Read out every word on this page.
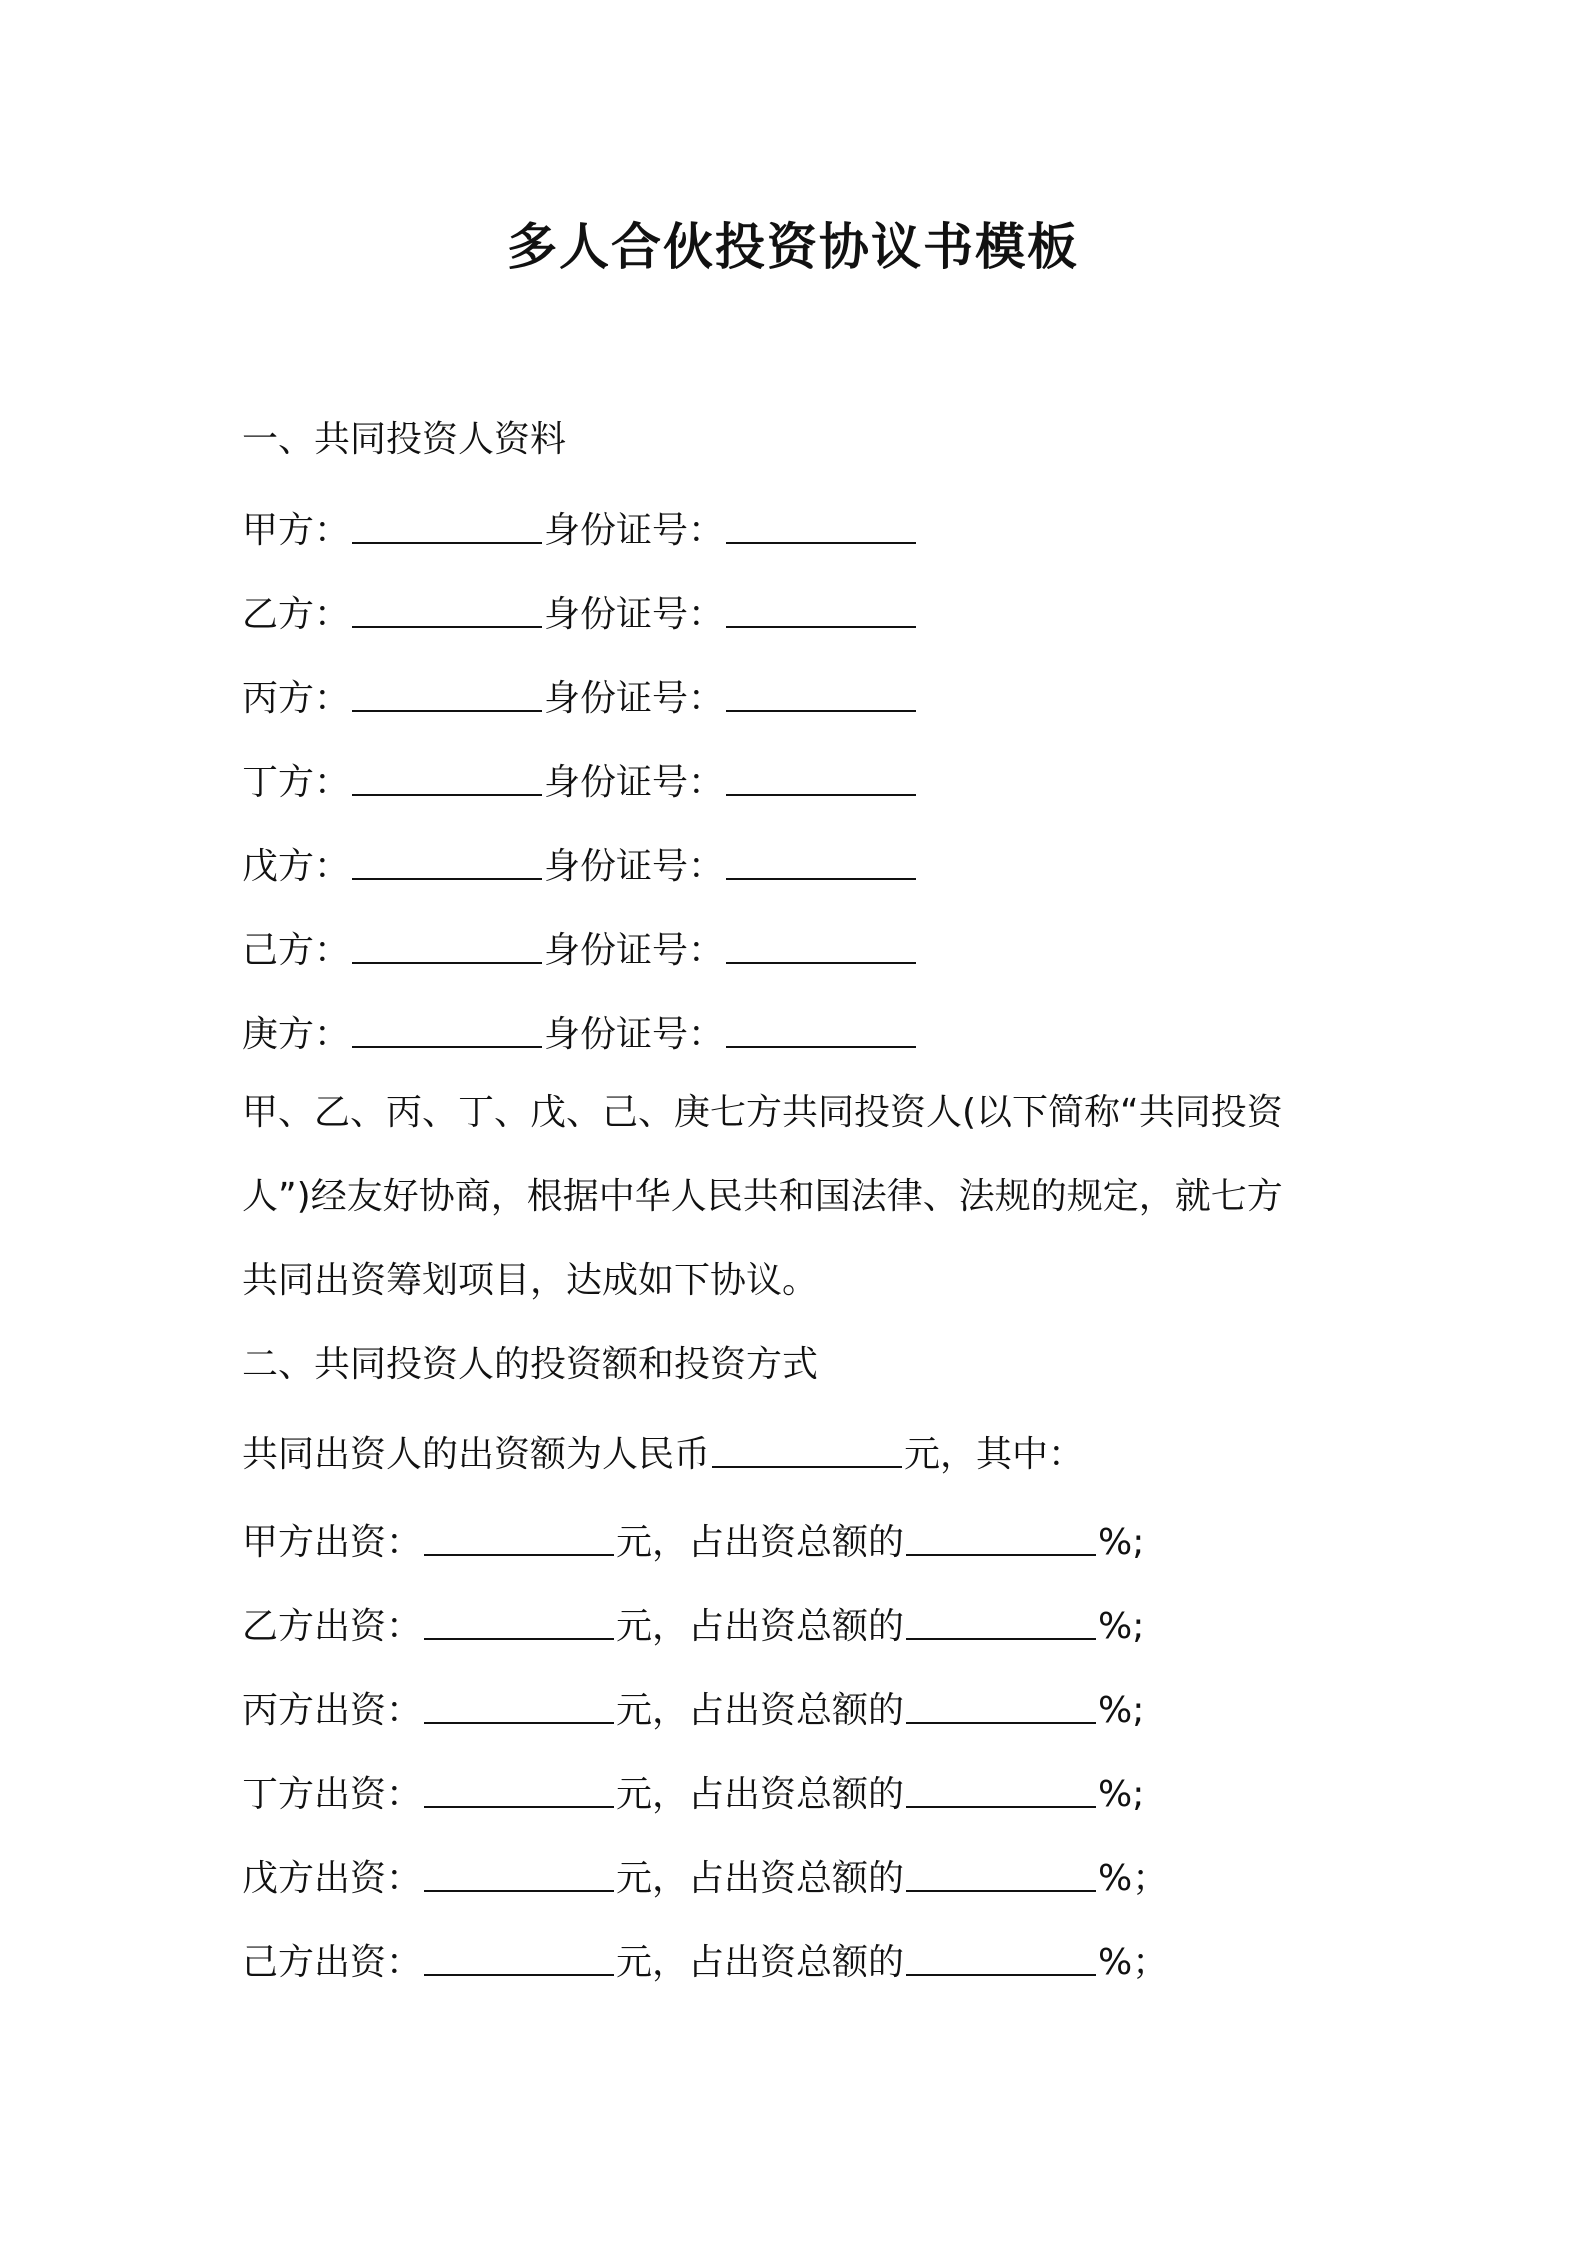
多人合伙投资协议书模板
一、共同投资人资料
甲方：	身份证号：
乙方：	身份证号：
丙方：	身份证号：
丁方：	身份证号：
戊方：	身份证号：
己方：	身份证号：
庚方：	身份证号：
甲、乙、丙、丁、戊、己、庚七方共同投资人(以下简称“共同投资
人”)经友好协商，根据中华人民共和国法律、法规的规定，就七方
共同出资筹划项目，达成如下协议。
二、共同投资人的投资额和投资方式
共同出资人的出资额为人民币	元，其中：
甲方出资：	元，占出资总额的	%;
乙方出资：	元，占出资总额的	%;
丙方出资：	元，占出资总额的	%;
丁方出资：	元，占出资总额的	%;
戊方出资：	元，占出资总额的	%；
己方出资：	元，占出资总额的	%；
